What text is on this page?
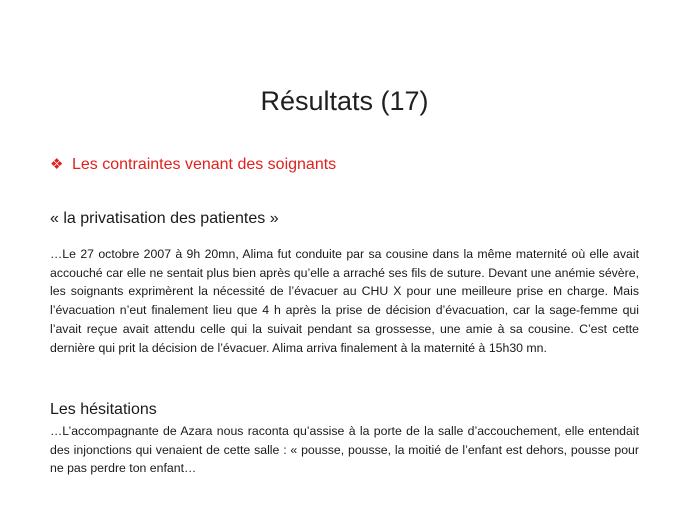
Résultats (17)
❖ Les contraintes venant des soignants
« la privatisation des patientes »

…Le 27 octobre 2007 à 9h 20mn, Alima fut conduite par sa cousine dans la même maternité où elle avait accouché car elle ne sentait plus bien après qu’elle a arraché ses fils de suture. Devant une anémie sévère, les soignants exprimèrent la nécessité de l’évacuer au CHU X pour une meilleure prise en charge. Mais l’évacuation n’eut finalement lieu que 4 h après la prise de décision d’évacuation, car la sage-femme qui l’avait reçue avait attendu celle qui la suivait pendant sa grossesse, une amie à sa cousine. C’est cette dernière qui prit la décision de l’évacuer. Alima arriva finalement à la maternité à 15h30 mn.

Les hésitations

…L’accompagnante de Azara nous raconta qu’assise à la porte de la salle d’accouchement, elle entendait des injonctions qui venaient de cette salle : « pousse, pousse, la moitié de l’enfant est dehors, pousse pour ne pas perdre ton enfant…
